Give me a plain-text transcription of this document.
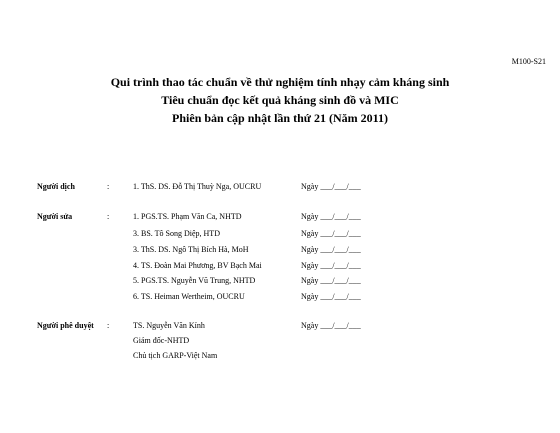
M100-S21
Qui trình thao tác chuẩn về thử nghiệm tính nhạy cảm kháng sinh
Tiêu chuẩn đọc kết quả kháng sinh đồ và MIC
Phiên bản cập nhật lần thứ 21 (Năm 2011)
Người dịch	:	1. ThS. DS. Đỗ Thị Thuỳ Nga, OUCRU	Ngày ___/___/___
Người sửa	:	1. PGS.TS. Phạm Văn Ca, NHTD	Ngày ___/___/___
3. BS. Tô Song Diệp, HTD	Ngày ___/___/___
3. ThS. DS. Ngô Thị Bích Hà, MoH	Ngày ___/___/___
4. TS. Đoàn Mai Phương, BV Bạch Mai	Ngày ___/___/___
5. PGS.TS. Nguyễn Vũ Trung, NHTD	Ngày ___/___/___
6. TS. Heiman Wertheim, OUCRU	Ngày ___/___/___
Người phê duyệt :	TS. Nguyễn Văn Kính	Ngày ___/___/___
Giám đốc-NHTD
Chủ tịch GARP-Việt Nam
